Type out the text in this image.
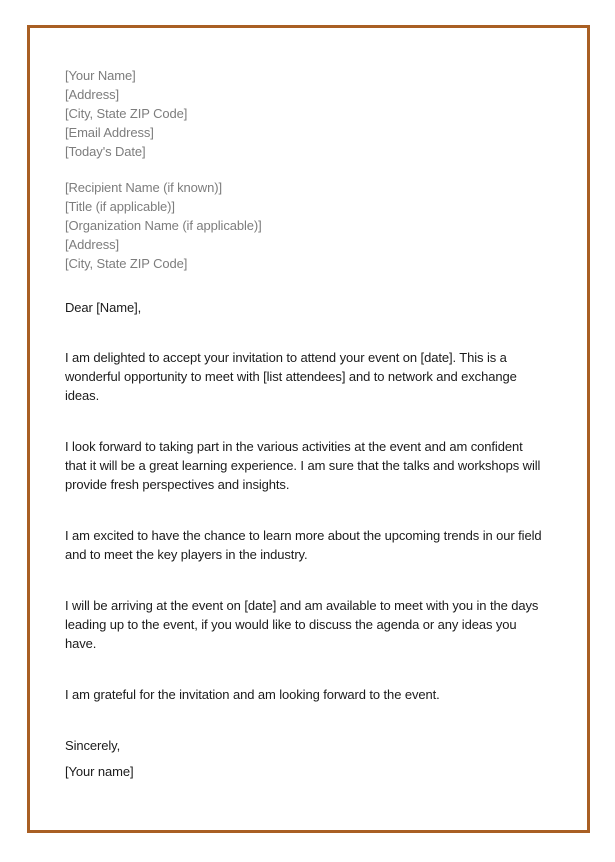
[Your Name]
[Address]
[City, State ZIP Code]
[Email Address]
[Today's Date]
[Recipient Name (if known)]
[Title (if applicable)]
[Organization Name (if applicable)]
[Address]
[City, State ZIP Code]
Dear [Name],

I am delighted to accept your invitation to attend your event on [date]. This is a wonderful opportunity to meet with [list attendees] and to network and exchange ideas.

I look forward to taking part in the various activities at the event and am confident that it will be a great learning experience. I am sure that the talks and workshops will provide fresh perspectives and insights.

I am excited to have the chance to learn more about the upcoming trends in our field and to meet the key players in the industry.

I will be arriving at the event on [date] and am available to meet with you in the days leading up to the event, if you would like to discuss the agenda or any ideas you have.

I am grateful for the invitation and am looking forward to the event.

Sincerely,
[Your name]
